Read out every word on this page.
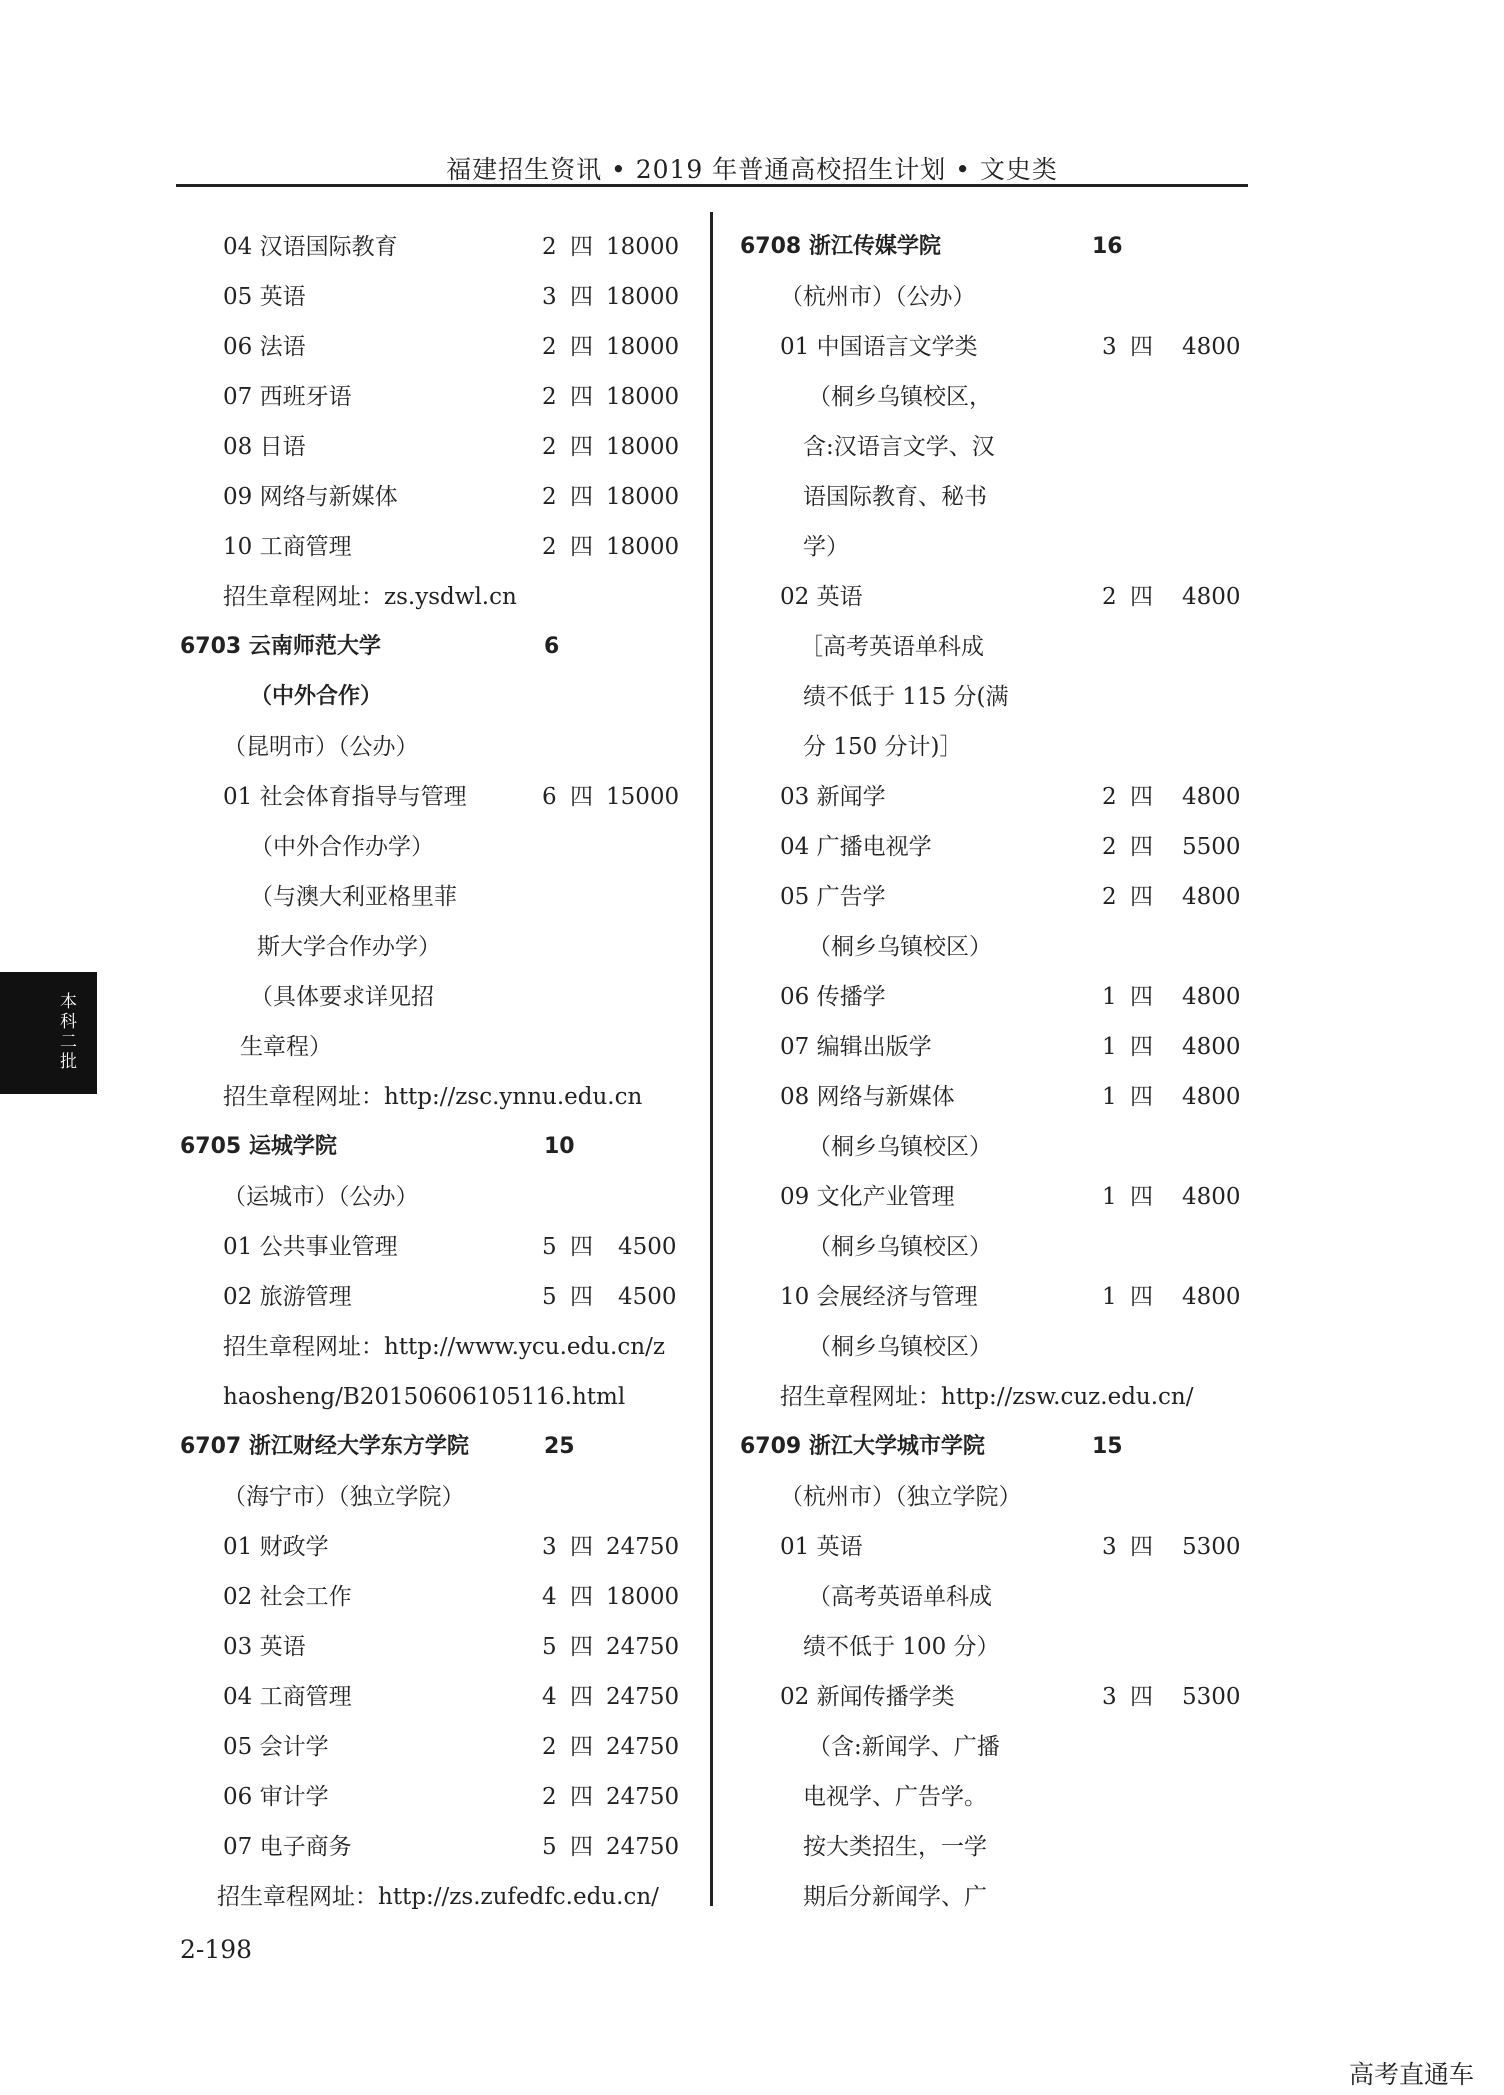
福建招生资讯 • 2019 年普通高校招生计划 • 文史类
04 汉语国际教育	2 四 18000
05 英语	3 四 18000
06 法语	2 四 18000
07 西班牙语	2 四 18000
08 日语	2 四 18000
09 网络与新媒体	2 四 18000
10 工商管理	2 四 18000
招生章程网址：zs.ysdwl.cn
6703 云南师范大学	6
（中外合作）
（昆明市）（公办）
01 社会体育指导与管理	6 四 15000
（中外合作办学）
（与澳大利亚格里菲
斯大学合作办学）
（具体要求详见招
生章程）
招生章程网址：http://zsc.ynnu.edu.cn
6705 运城学院	10
（运城市）（公办）
01 公共事业管理	5 四 4500
02 旅游管理	5 四 4500
招生章程网址：http://www.ycu.edu.cn/z
haosheng/B20150606105116.html
6707 浙江财经大学东方学院	25
（海宁市）（独立学院）
01 财政学	3 四 24750
02 社会工作	4 四 18000
03 英语	5 四 24750
04 工商管理	4 四 24750
05 会计学	2 四 24750
06 审计学	2 四 24750
07 电子商务	5 四 24750
招生章程网址：http://zs.zufedfc.edu.cn/
6708 浙江传媒学院	16
（杭州市）（公办）
01 中国语言文学类	3 四 4800
（桐乡乌镇校区，
含:汉语言文学、汉
语国际教育、秘书
学）
02 英语	2 四 4800
［高考英语单科成
绩不低于 115 分(满
分 150 分计)］
03 新闻学	2 四 4800
04 广播电视学	2 四 5500
05 广告学	2 四 4800
（桐乡乌镇校区）
06 传播学	1 四 4800
07 编辑出版学	1 四 4800
08 网络与新媒体	1 四 4800
（桐乡乌镇校区）
09 文化产业管理	1 四 4800
（桐乡乌镇校区）
10 会展经济与管理	1 四 4800
（桐乡乌镇校区）
招生章程网址：http://zsw.cuz.edu.cn/
6709 浙江大学城市学院	15
（杭州市）（独立学院）
01 英语	3 四 5300
（高考英语单科成
绩不低于 100 分）
02 新闻传播学类	3 四 5300
（含:新闻学、广播
电视学、广告学。
按大类招生，一学
期后分新闻学、广
本科二批
2-198
高考直通车
